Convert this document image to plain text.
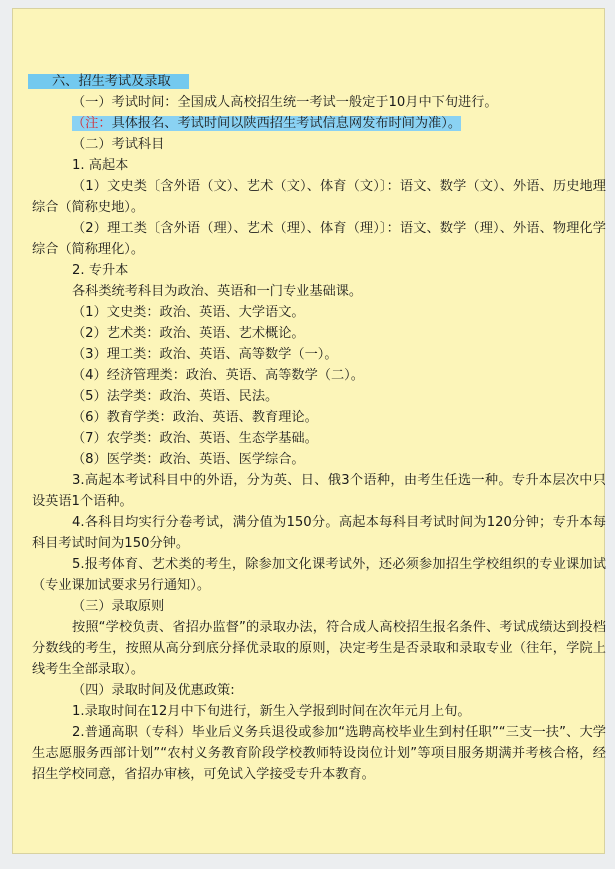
六、招生考试及录取

（一）考试时间：全国成人高校招生统一考试一般定于10月中下旬进行。

（注：具体报名、考试时间以陕西招生考试信息网发布时间为准）。

（二）考试科目

1. 高起本

（1）文史类〔含外语（文）、艺术（文）、体育（文）〕：语文、数学（文）、外语、历史地理综合（简称史地）。

（2）理工类〔含外语（理）、艺术（理）、体育（理）〕：语文、数学（理）、外语、物理化学综合（简称理化）。

2. 专升本

各科类统考科目为政治、英语和一门专业基础课。

（1）文史类：政治、英语、大学语文。

（2）艺术类：政治、英语、艺术概论。

（3）理工类：政治、英语、高等数学（一）。

（4）经济管理类：政治、英语、高等数学（二）。

（5）法学类：政治、英语、民法。

（6）教育学类：政治、英语、教育理论。

（7）农学类：政治、英语、生态学基础。

（8）医学类：政治、英语、医学综合。

3.高起本考试科目中的外语，分为英、日、俄3个语种，由考生任选一种。专升本层次中只设英语1个语种。

4.各科目均实行分卷考试，满分值为150分。高起本每科目考试时间为120分钟；专升本每科目考试时间为150分钟。

5.报考体育、艺术类的考生，除参加文化课考试外，还必须参加招生学校组织的专业课加试（专业课加试要求另行通知）。

（三）录取原则

按照“学校负责、省招办监督”的录取办法，符合成人高校招生报名条件、考试成绩达到投档分数线的考生，按照从高分到底分择优录取的原则，决定考生是否录取和录取专业（往年，学院上线考生全部录取）。

（四）录取时间及优惠政策:

1.录取时间在12月中下旬进行，新生入学报到时间在次年元月上旬。

2.普通高职（专科）毕业后义务兵退役或参加“选聘高校毕业生到村任职”“三支一扶”、大学生志愿服务西部计划”“农村义务教育阶段学校教师特设岗位计划”等项目服务期满并考核合格，经招生学校同意，省招办审核，可免试入学接受专升本教育。
